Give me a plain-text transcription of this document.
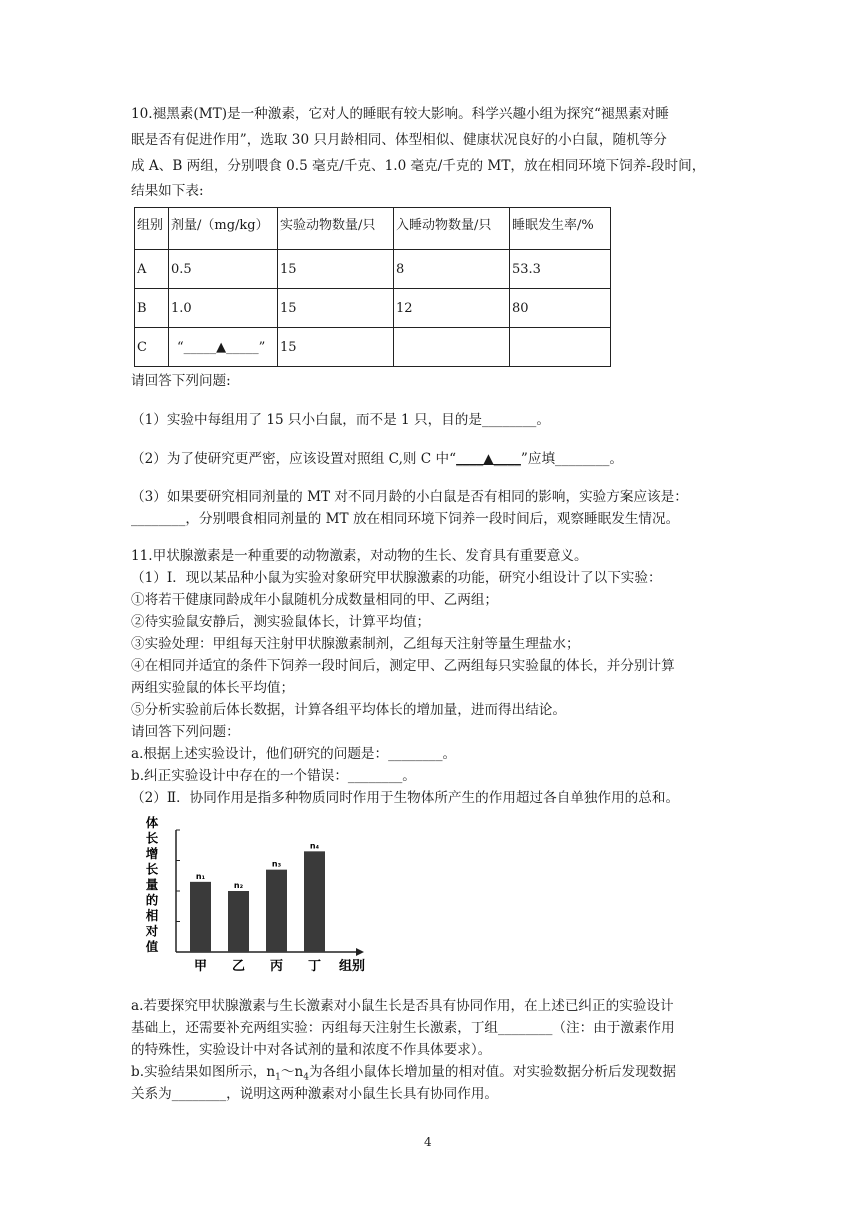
10.褪黑素(MT)是一种激素，它对人的睡眠有较大影响。科学兴趣小组为探究“褪黑素对睡

眠是否有促进作用”，选取 30 只月龄相同、体型相似、健康状况良好的小白鼠，随机等分

成 A、B 两组，分别喂食 0.5 毫克/千克、1.0 毫克/千克的 MT，放在相同环境下饲养-段时间，

结果如下表:

组别	剂量/（mg/kg）	实验动物数量/只	入睡动物数量/只	睡眠发生率/%
A	0.5	15	8	53.3
B	1.0	15	12	80
C	“_____▲_____”	15		

请回答下列问题:

（1）实验中每组用了 15 只小白鼠，而不是 1 只，目的是________。

（2）为了使研究更严密，应该设置对照组 C,则 C 中“____▲____”应填________。

（3）如果要研究相同剂量的 MT 对不同月龄的小白鼠是否有相同的影响，实验方案应该是：

________，分别喂食相同剂量的 MT 放在相同环境下饲养一段时间后，观察睡眠发生情况。

11.甲状腺激素是一种重要的动物激素，对动物的生长、发育具有重要意义。

（1）Ⅰ．现以某品种小鼠为实验对象研究甲状腺激素的功能，研究小组设计了以下实验：

①将若干健康同龄成年小鼠随机分成数量相同的甲、乙两组；

②待实验鼠安静后，测实验鼠体长，计算平均值；

③实验处理：甲组每天注射甲状腺激素制剂，乙组每天注射等量生理盐水；

④在相同并适宜的条件下饲养一段时间后，测定甲、乙两组每只实验鼠的体长，并分别计算

两组实验鼠的体长平均值；

⑤分析实验前后体长数据，计算各组平均体长的增加量，进而得出结论。

请回答下列问题：

a.根据上述实验设计，他们研究的问题是：________。

b.纠正实验设计中存在的一个错误：________。

（2）Ⅱ．协同作用是指多种物质同时作用于生物体所产生的作用超过各自单独作用的总和。

体
长
增
长
量
的
相
对
值
n₁
n₂
n₃
n₄
甲 乙 丙 丁 组别

a.若要探究甲状腺激素与生长激素对小鼠生长是否具有协同作用，在上述已纠正的实验设计

基础上，还需要补充两组实验：丙组每天注射生长激素，丁组________（注：由于激素作用

的特殊性，实验设计中对各试剂的量和浓度不作具体要求）。

b.实验结果如图所示，$n_1\sim n_4$为各组小鼠体长增加量的相对值。对实验数据分析后发现数据

关系为________，说明这两种激素对小鼠生长具有协同作用。

4
